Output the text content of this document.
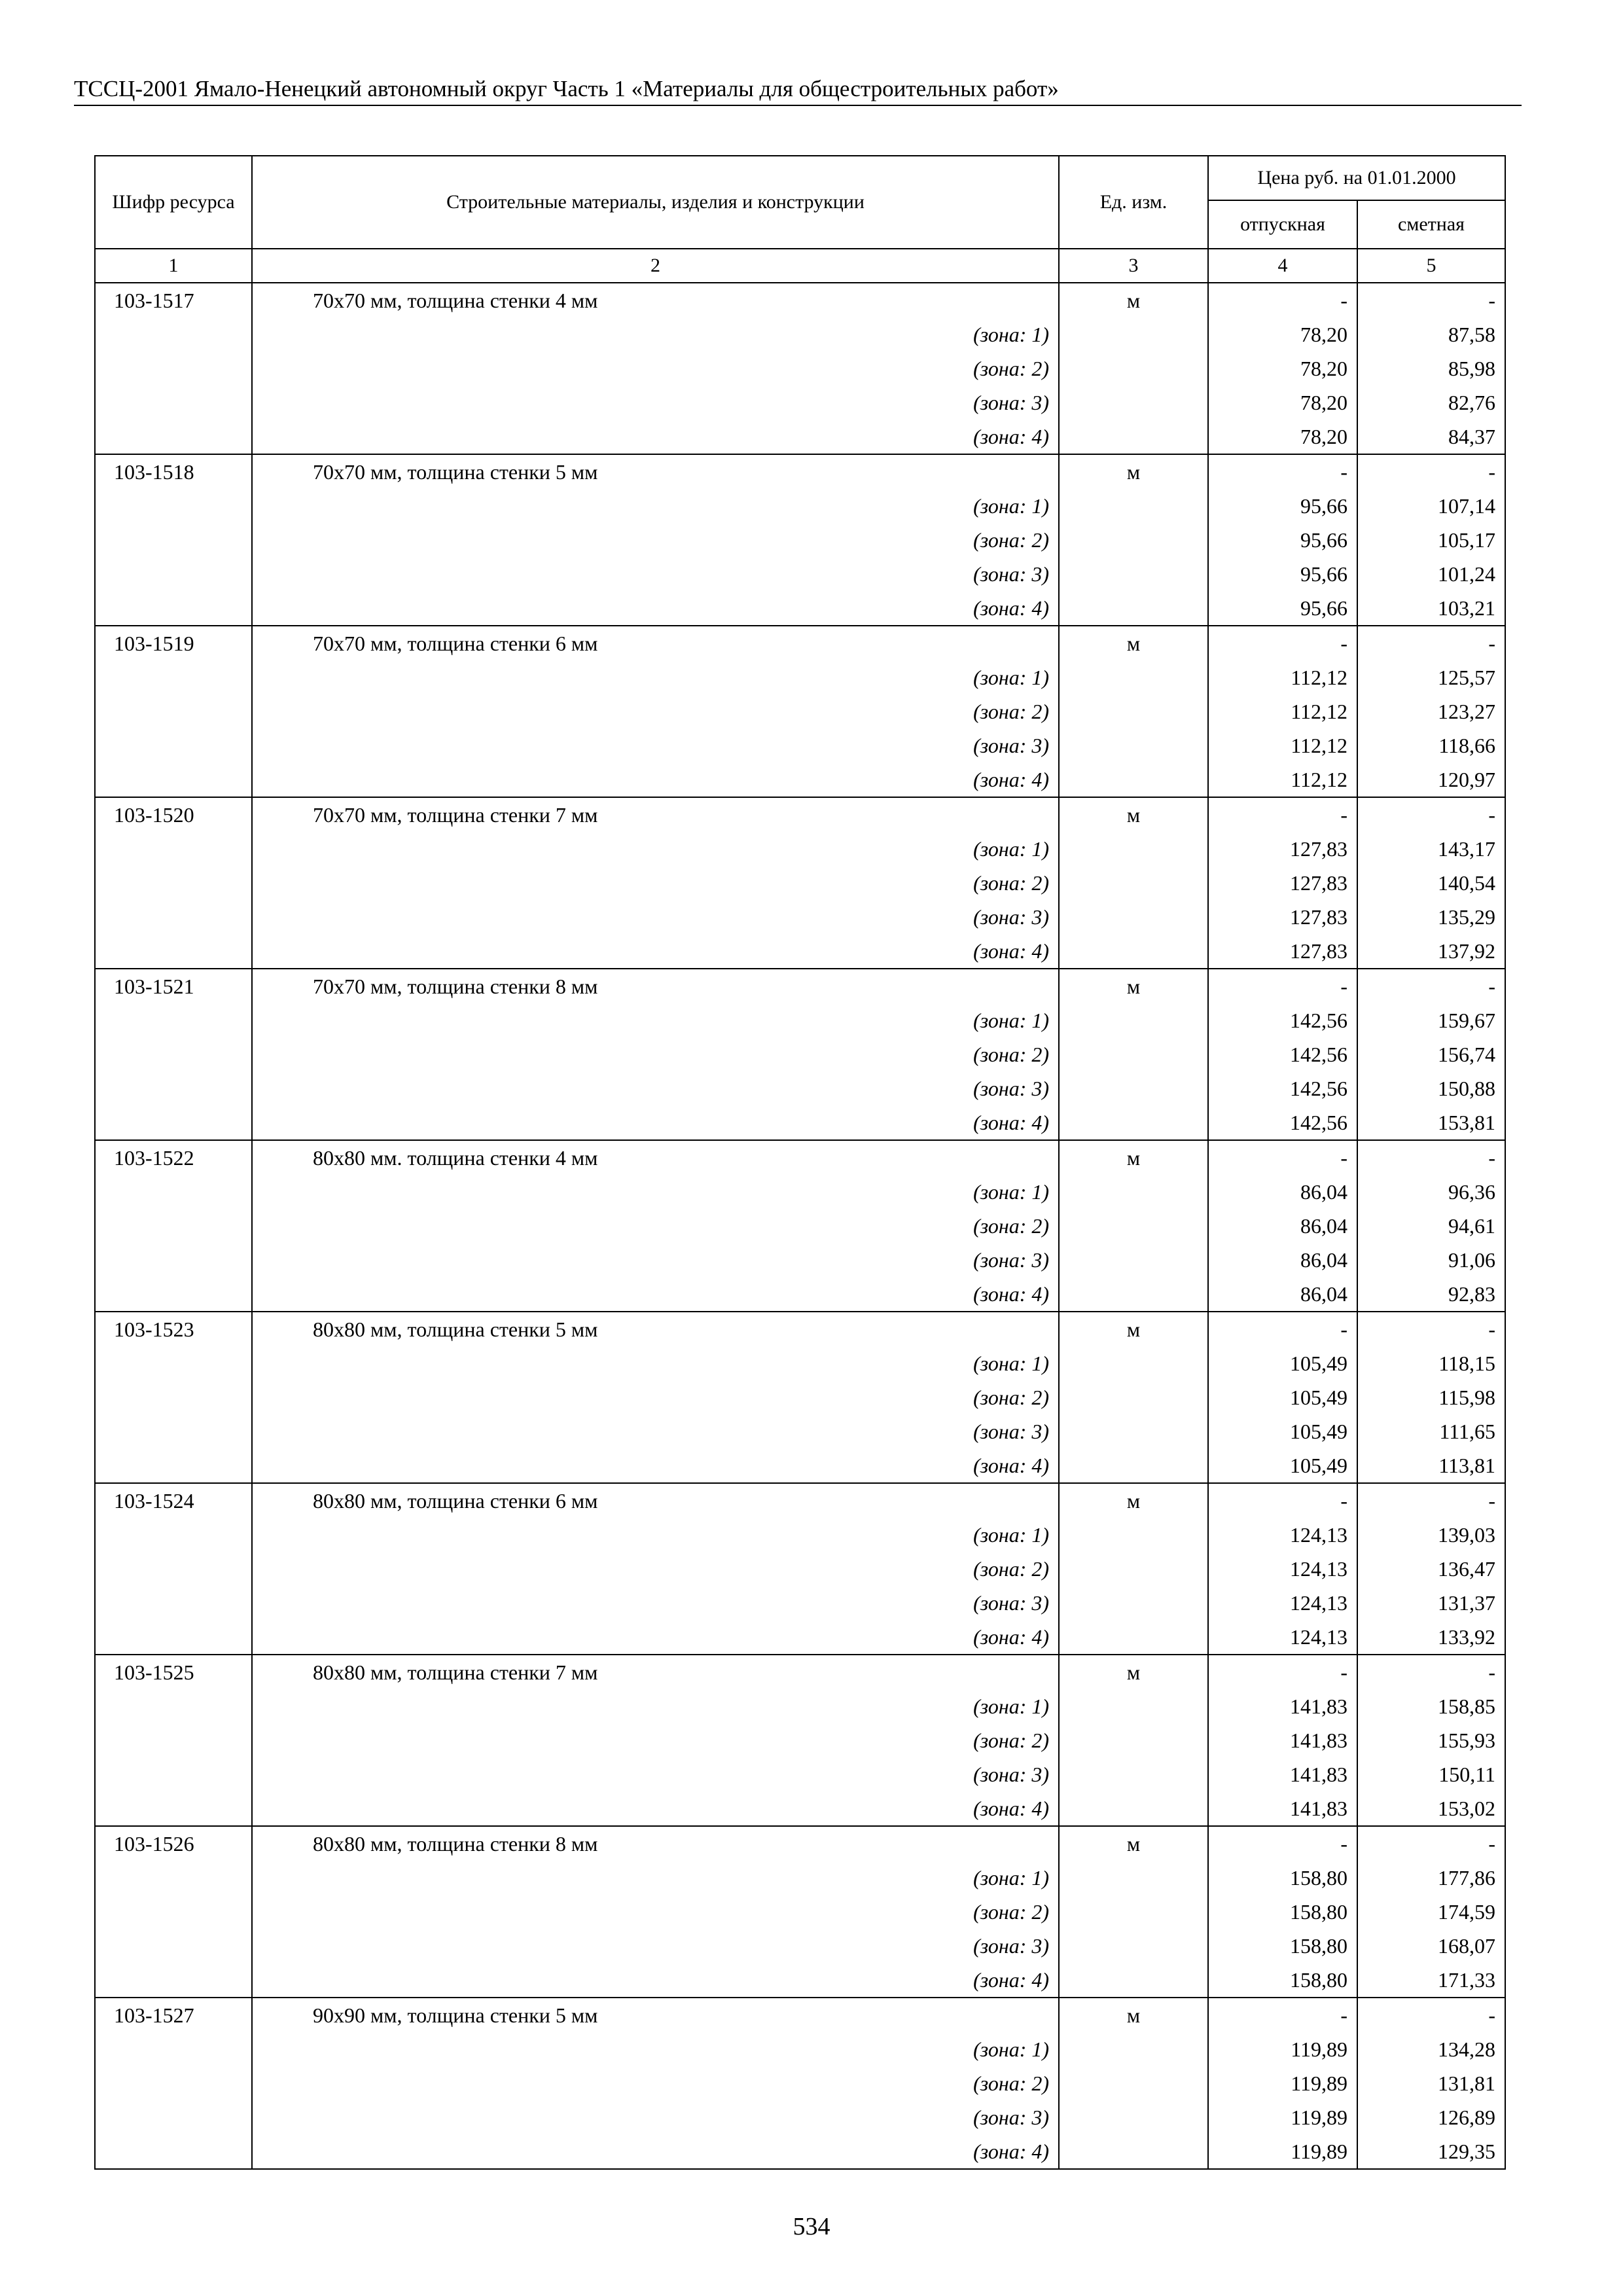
ТССЦ-2001 Ямало-Ненецкий автономный округ Часть 1 «Материалы для общестроительных работ»
Шифр ресурса	Строительные материалы, изделия и конструкции	Ед. изм.	Цена руб. на 01.01.2000	
			отпускная	сметная
1	2	3	4	5
103-1517	70х70 мм, толщина стенки 4 мм	м	-	-
	(зона: 1)		78,20	87,58
	(зона: 2)		78,20	85,98
	(зона: 3)		78,20	82,76
	(зона: 4)		78,20	84,37
103-1518	70х70 мм, толщина стенки 5 мм	м	-	-
	(зона: 1)		95,66	107,14
	(зона: 2)		95,66	105,17
	(зона: 3)		95,66	101,24
	(зона: 4)		95,66	103,21
103-1519	70х70 мм, толщина стенки 6 мм	м	-	-
	(зона: 1)		112,12	125,57
	(зона: 2)		112,12	123,27
	(зона: 3)		112,12	118,66
	(зона: 4)		112,12	120,97
103-1520	70х70 мм, толщина стенки 7 мм	м	-	-
	(зона: 1)		127,83	143,17
	(зона: 2)		127,83	140,54
	(зона: 3)		127,83	135,29
	(зона: 4)		127,83	137,92
103-1521	70х70 мм, толщина стенки 8 мм	м	-	-
	(зона: 1)		142,56	159,67
	(зона: 2)		142,56	156,74
	(зона: 3)		142,56	150,88
	(зона: 4)		142,56	153,81
103-1522	80х80 мм. толщина стенки 4 мм	м	-	-
	(зона: 1)		86,04	96,36
	(зона: 2)		86,04	94,61
	(зона: 3)		86,04	91,06
	(зона: 4)		86,04	92,83
103-1523	80х80 мм, толщина стенки 5 мм	м	-	-
	(зона: 1)		105,49	118,15
	(зона: 2)		105,49	115,98
	(зона: 3)		105,49	111,65
	(зона: 4)		105,49	113,81
103-1524	80х80 мм, толщина стенки 6 мм	м	-	-
	(зона: 1)		124,13	139,03
	(зона: 2)		124,13	136,47
	(зона: 3)		124,13	131,37
	(зона: 4)		124,13	133,92
103-1525	80х80 мм, толщина стенки 7 мм	м	-	-
	(зона: 1)		141,83	158,85
	(зона: 2)		141,83	155,93
	(зона: 3)		141,83	150,11
	(зона: 4)		141,83	153,02
103-1526	80х80 мм, толщина стенки 8 мм	м	-	-
	(зона: 1)		158,80	177,86
	(зона: 2)		158,80	174,59
	(зона: 3)		158,80	168,07
	(зона: 4)		158,80	171,33
103-1527	90х90 мм, толщина стенки 5 мм	м	-	-
	(зона: 1)		119,89	134,28
	(зона: 2)		119,89	131,81
	(зона: 3)		119,89	126,89
	(зона: 4)		119,89	129,35
534
